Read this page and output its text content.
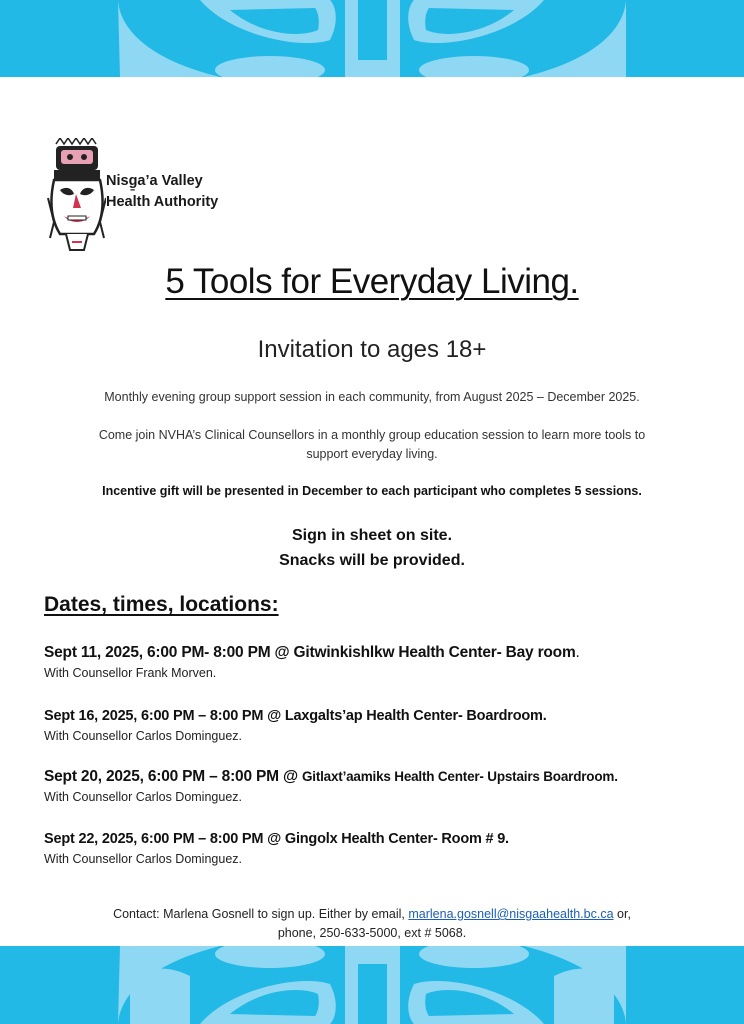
Nisg̱a’a Valley
Health Authority
5 Tools for Everyday Living.
Invitation to ages 18+
Monthly evening group support session in each community, from August 2025 – December 2025.
Come join NVHA’s Clinical Counsellors in a monthly group education session to learn more tools to support everyday living.
Incentive gift will be presented in December to each participant who completes 5 sessions.
Sign in sheet on site.
Snacks will be provided.
Dates, times, locations:
Sept 11, 2025, 6:00 PM- 8:00 PM @ Gitwinkishlkw Health Center- Bay room.
With Counsellor Frank Morven.
Sept 16, 2025, 6:00 PM – 8:00 PM @ Laxgalts’ap Health Center- Boardroom.
With Counsellor Carlos Dominguez.
Sept 20, 2025, 6:00 PM – 8:00 PM @ Gitlaxt’aamiks Health Center- Upstairs Boardroom.
With Counsellor Carlos Dominguez.
Sept 22, 2025, 6:00 PM – 8:00 PM @ Gingolx Health Center- Room # 9.
With Counsellor Carlos Dominguez.
Contact: Marlena Gosnell to sign up. Either by email, marlena.gosnell@nisgaahealth.bc.ca or,
phone, 250-633-5000, ext # 5068.
